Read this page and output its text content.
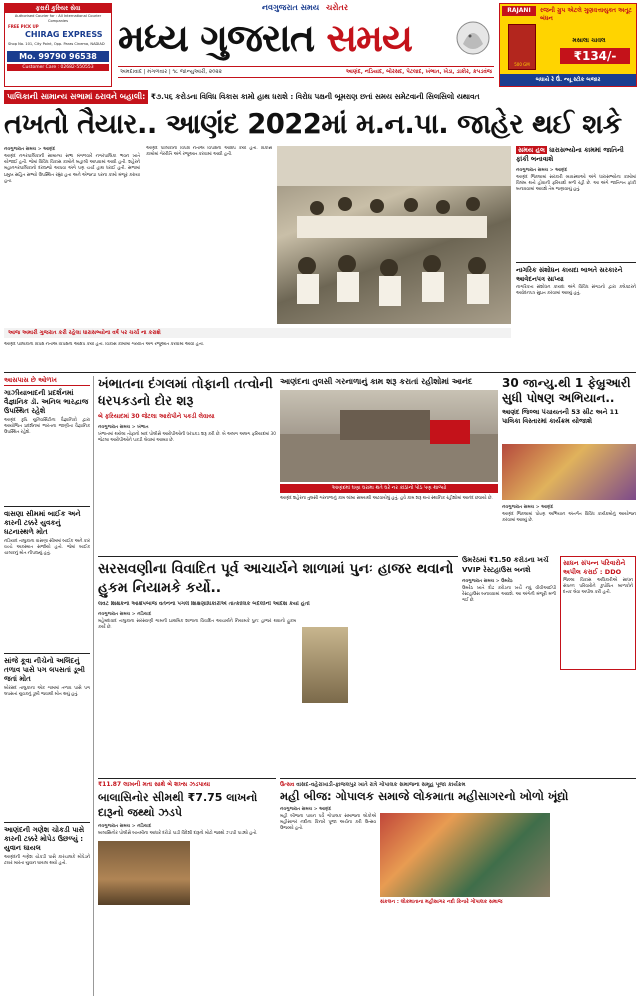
ફરારી કુરિયર સેવા
Authorised Courier for : All International Courier Companies
FREE PICK UP
CHIRAG EXPRESS
Shop No. 101, City Point, Opp. Paras Cinema, NADIAD
Mo. 99790 96538
Customer Care : 02682-550553
નવગુજરાત સમય ચરોતર
મધ્ય ગુજરાત સમય
અમદાવાદ | મંગળવાર | ૧૮ જાન્યુઆરી, ૨૦૨૨	આણંદ, નડિયાદ, બોરસદ, પેટલાદ, ખંભાત, ખેડા, ડાકોર, કપડવંજ
RAJANI	રજની ગ્રુપ એટલે ગુણવત્તાયુક્ત અતૂટ બંધન
500 GM
મસાલા ચાવલ
₹134/-
બધાયે રે ઉં. ન્યૂ સ્ટોક બજાર
પાલિકાની સામાન્ય સભામાં ઠરાવને બહાલી: ₹૭.૫૬ કરોડના વિવિધ વિકાસ કામો હાથ ધરાશે : વિરોધ પક્ષની બૂમરાણ છતાં સમય સમેટવાની સિલસિલો યથાવત
તખતો તૈયાર.. આણંદ 2022માં મ.ન.પા. જાહેર થઈ શકે
નવગુજરાત સમય > આણંદ
આણંદ નગરપાલિકાની સામાન્ય સભા મંગળવારે નગરપાલિકા ભવન ખાતે યોજાઈ હતી. જેમાં વિવિધ વિકાસ કામોને બહાલી આપવામાં આવી હતી. શહેરને મહાનગરપાલિકાનો દરજ્જો આપવા અંગે પણ ચર્ચા હાથ ધરાઈ હતી. સભામાં પ્રમુખ સહિત સભ્યો ઉપસ્થિત રહ્યા હતા અને એજન્ડા પરના કામો મંજૂર કરાયા હતા.
આણંદ પાલિકાના વિપક્ષ નેતાએ વિપક્ષના આક્ષેપ કર્યા હતા. વિકાસ કામોમાં ગેરરીતિ અંગે રજૂઆત કરવામાં આવી હતી.
આજ અમારી ગુજરાત કરી રહેલા ધારાસભ્યોના વર્ષ પર ચર્ચા ના કરાશે
સમય હલ ધારાસભ્યોના કામમાં જાતિની ફાંકી બનાવાશે
નવગુજરાત સમય > આણંદ
આણંદ જિલ્લામાં સરકારી વ્યવસ્થાઓ અંગે ધારાસભ્યોના કામોમાં વિલંબ થતો હોવાની ફરિયાદો મળી રહી છે. આ અંગે જાતિગત ફાંકી બનાવવામાં આવશે તેમ જણાવાયું હતું.
નાગરિક સંશોધન કાયદા બાબતે સરકારને આવેદનપત્ર સાપ્યા
નાગરિકતા સંશોધન કાયદા અંગે વિવિધ સંગઠનો દ્વારા કલેક્ટરને આવેદનપત્ર સુપ્રત કરવામાં આવ્યું હતું.
આણંદ પાલિકાના વિપક્ષ નેતાએ વિપક્ષના આક્ષેપ કર્યા હતા. વિકાસ કામોમાં ગેરરીતિ અંગે રજૂઆત કરવામાં આવી હતી.
આસપાસ છે ઓળખ
ગાઝીયાબાદની પ્રદર્શનમાં વૈજ્ઞાનિક ડૉ. અનિલ ભારદ્વાજ ઉપસ્થિત રહેશે
આણંદ કૃષિ યુનિવર્સિટીના વૈજ્ઞાનિકો દ્વારા આયોજિત પ્રદર્શનમાં ભારતના જાણીતા વૈજ્ઞાનિક ઉપસ્થિત રહેશે.
વાસણા સીમમાં બાઈક અને કારની ટક્કરે યુવકનું ઘટનાસ્થળે મોત
નડિયાદ તાલુકાના વાસણા સીમમાં બાઈક અને કાર વચ્ચે અકસ્માત સર્જાયો હતો. જેમાં બાઈક ચાલકનું મોત નીપજ્યું હતું.
સાંજે કૂવા નીચેનો અલિંદનું તળાવ પાસે પગ લપસતાં ડૂબી જતાં મોત
બોરસદ તાલુકાના એક ગામમાં તળાવ પાસે પગ લપસતાં યુવકનું ડૂબી જવાથી મોત થયું હતું.
આણંદની ગણેશ ચોકડી પાસે કારની ટક્કરે મોપેડ ઉછળ્યું : યુવાન ઘાયલ
આણંદની ગણેશ ચોકડી પાસે કારચાલકે મોપેડને ટક્કર મારતા યુવાન ઘાયલ થયો હતો.
ખંભાતના દંગલમાં તોફાની તત્વોની ધરપકડનો દોર શરૂ
બે ફરિયાદમાં 30 જેટલા આરોપીને પકડી લેવાયા
નવગુજરાત સમય > ખંભાત
ખંભાતમાં થયેલા તોફાનો બાદ પોલીસે આરોપીઓની ધરપકડ શરૂ કરી છે. બે અલગ અલગ ફરિયાદમાં 30 જેટલા આરોપીઓને પકડી લેવામાં આવ્યા છે.
આણંદના તુલસી ગરનાળાનું કામ શરૂ કરાતાં રહીશોમાં આનંદ
આણંદમાં ઘણા ઘરામા થતે ઘરે નર કાંઠાંનો પોઠ પણ થાળ્યો
આણંદ શહેરના તુલસી ગરનાળાનું કામ લાંબા સમયથી અટવાયેલું હતું. હવે કામ શરૂ થતાં સ્થાનિક રહીશોમાં આનંદ છવાયો છે.
30 જાન્યુ.થી 1 ફેબ્રુઆરી સુધી પોષણ અભિયાન..
આણંદ જિલ્લા પંચાયતની 53 સીટ અને 11 પાલિકા વિસ્તારમાં કાર્યક્રમ યોજાશે
નવગુજરાત સમય > આણંદ
આણંદ જિલ્લામાં પોષણ અભિયાન અંતર્ગત વિવિધ કાર્યક્રમોનું આયોજન કરવામાં આવ્યું છે.
સાધન સંપન્ન પરિવારોને અપીલ કરાઈ : DDO
જિલ્લા વિકાસ અધિકારીએ સાધન સંપન્ન પરિવારોને કુપોષિત બાળકોને દત્તક લેવા અપીલ કરી હતી.
સરસવણીના વિવાદિત પૂર્વ આચાર્યને શાળામાં પુનઃ હાજર થવાનો હુકમ નિયામકે કર્યો..
લવંટ શિક્ષકના આક્ષેપબાજ વર્તનના પગલે શિક્ષણાધિકારીએ તાત્કાલિક બદલીનો આદેશ કર્યો હતો
નવગુજરાત સમય > નડિયાદ
મહેમદાવાદ તાલુકાના સરસવણી ગામની પ્રાથમિક શાળાના વિવાદિત આચાર્યને નિયામકે પુનઃ હાજર થવાનો હુકમ કર્યો છે.
ઉમરેઠમાં ₹1.50 કરોડના ખર્ચે VVIP રેસ્ટહાઉસ બનશે
નવગુજરાત સમય > ઉમરેઠ
ઉમરેઠ ખાતે દોઢ કરોડના ખર્ચે નવું વીવીઆઈપી રેસ્ટહાઉસ બનાવવામાં આવશે. આ અંગેની મંજૂરી મળી ગઈ છે.
₹11.87 લાખની મતા સાથે બે શખ્સ ઝડપાયા
બાલાસિનોર સીમથી ₹7.75 લાખનો દારૂનો જથ્થો ઝડપે
નવગુજરાત સમય > નડિયાદ
બાલાસિનોર પોલીસે બાતમીના આધારે દરોડો પાડી વિદેશી દારૂનો મોટો જથ્થો ઝડપી પાડ્યો હતો.
ઉત્સવ વાસદ-વહેરાખાડી-ફાજલપુર ખાતે રાત્રે ગોપાલક સમાજના સમૂહ પૂજા કાર્યક્રમ
મહી બીજ: ગોપાલક સમાજે લોકમાતા મહીસાગરનો ખોળો ખૂંદ્યો
નવગુજરાત સમય > આણંદ
સંકલન : લોકમાતાના મહીસાગર નદી કિનારે ગોપાલક સમાજ
મહી બીજના પાવન પર્વે ગોપાલક સમાજના લોકોએ મહીસાગર નદીના કિનારે પૂજા અર્ચના કરી ઉત્સવ ઉજવ્યો હતો.
